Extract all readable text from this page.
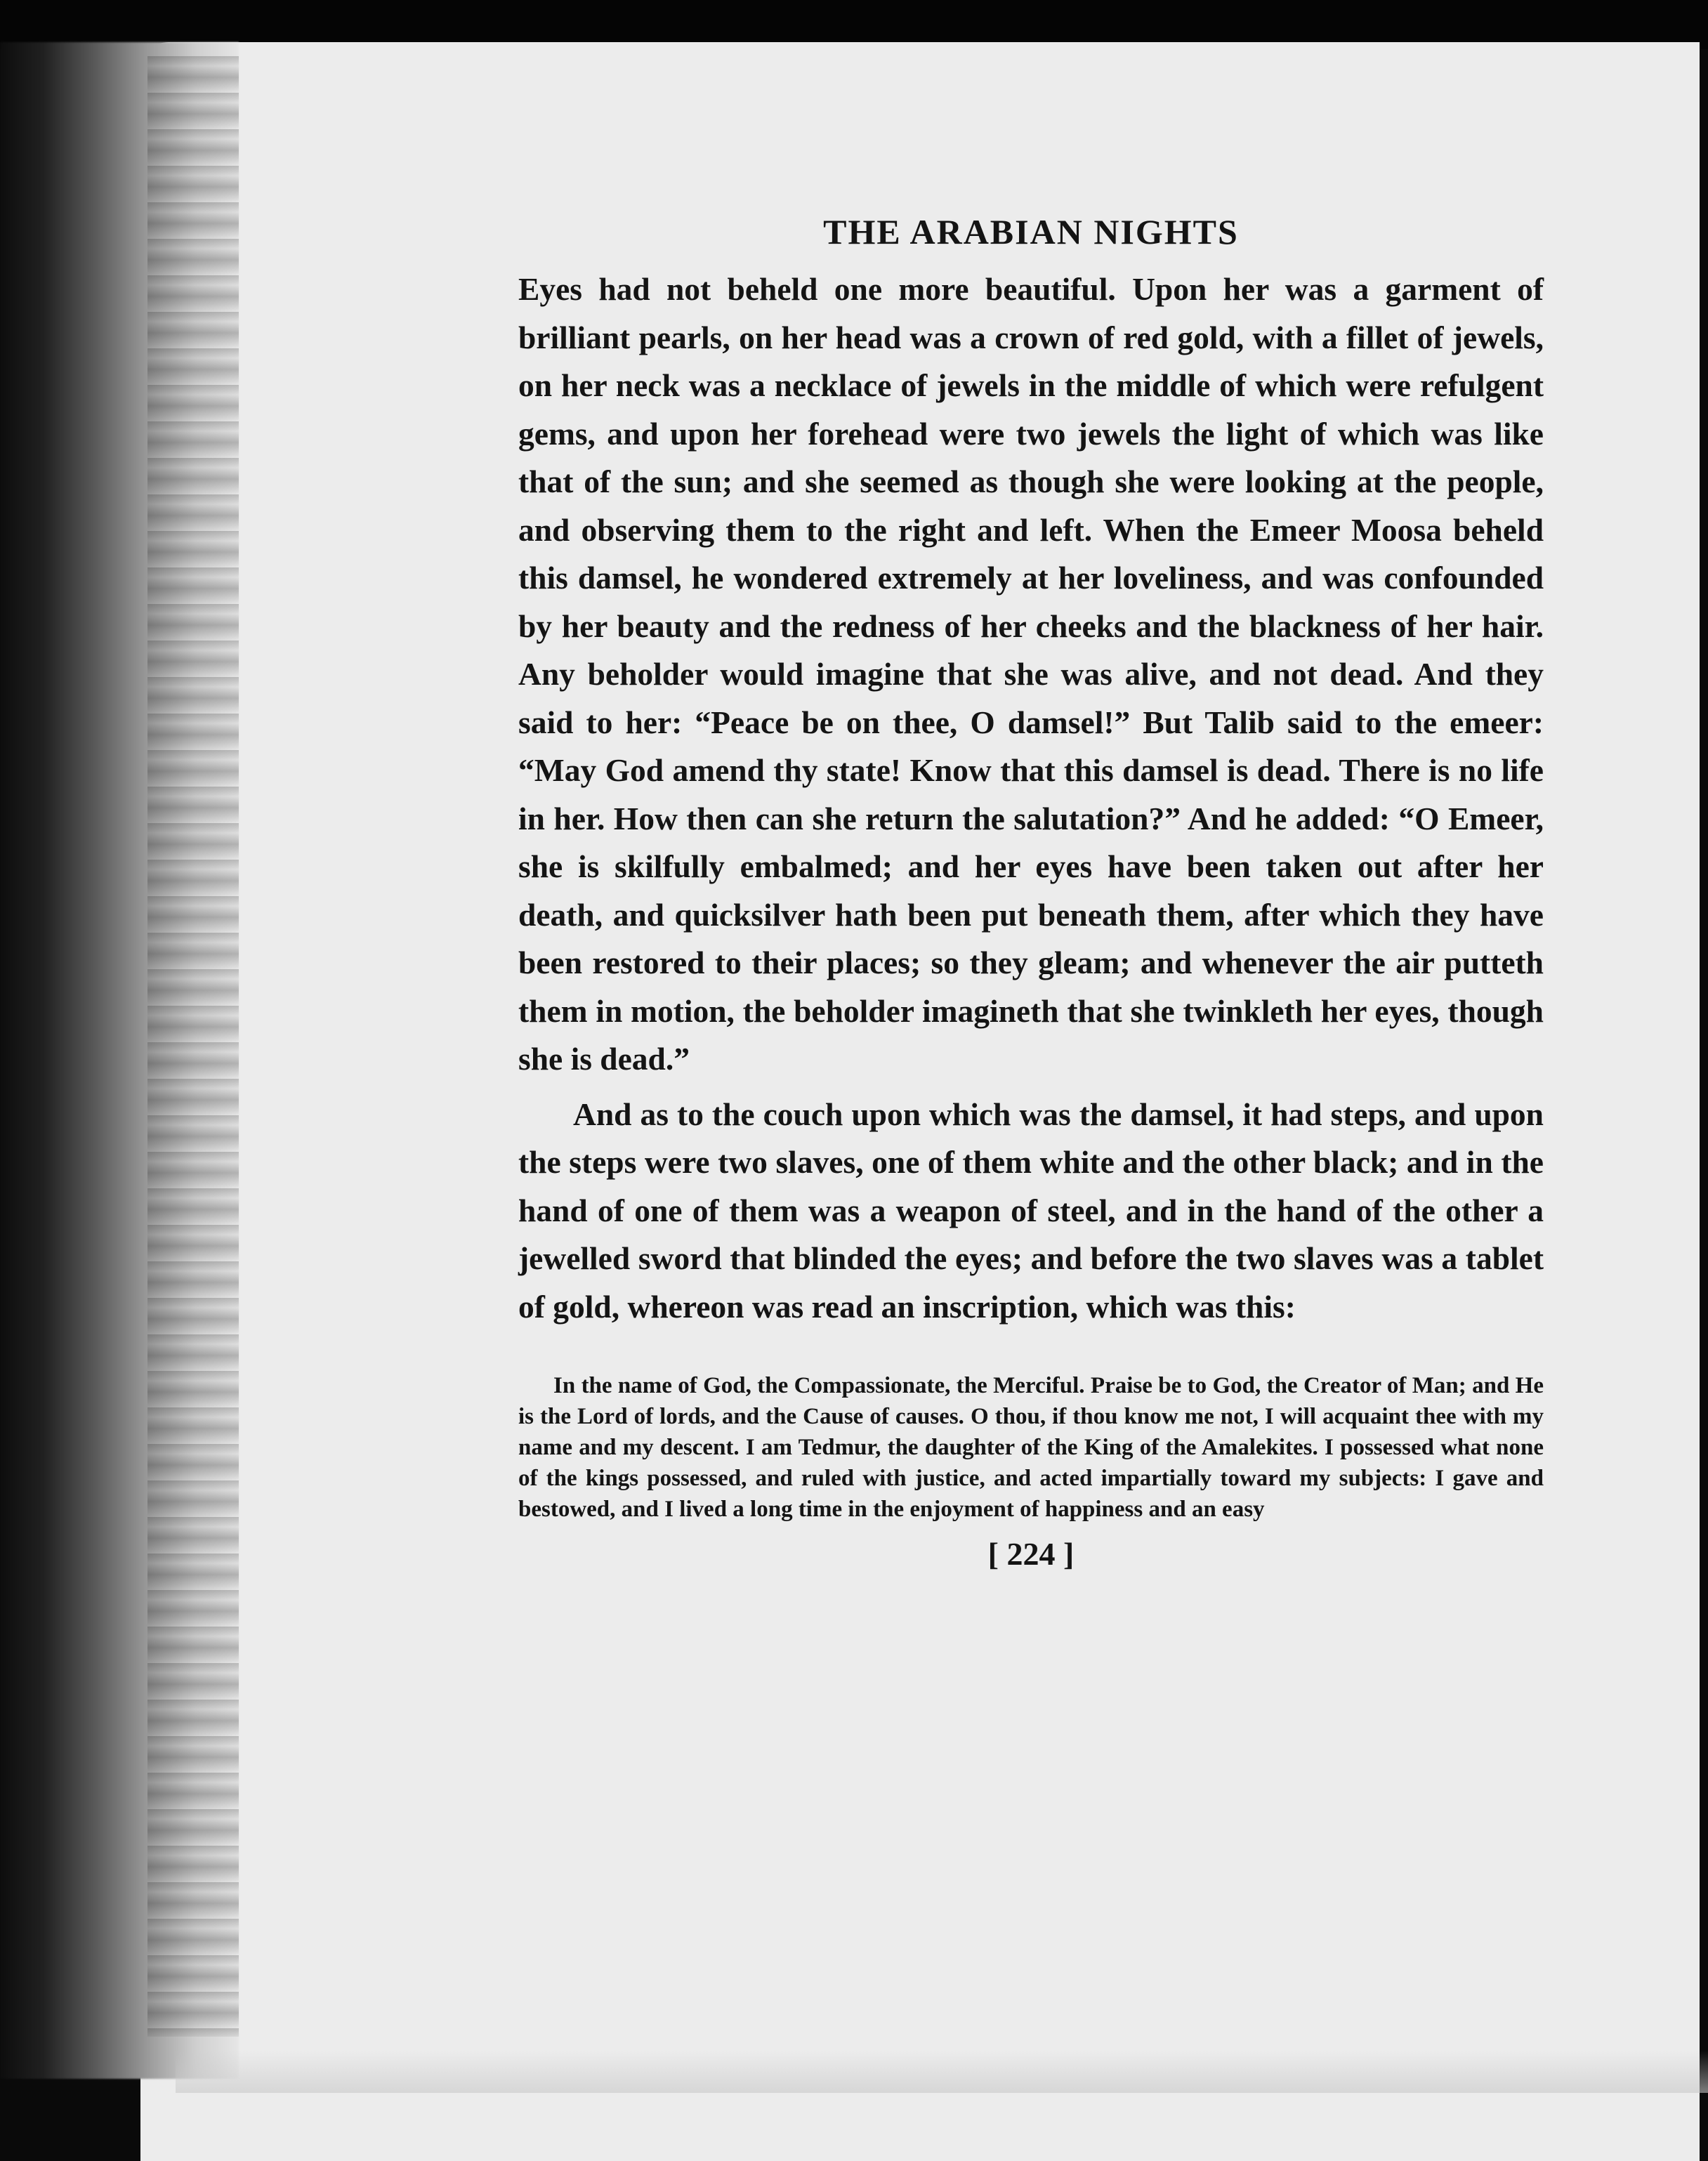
THE ARABIAN NIGHTS

Eyes had not beheld one more beautiful. Upon her was a garment of brilliant pearls, on her head was a crown of red gold, with a fillet of jewels, on her neck was a necklace of jewels in the middle of which were refulgent gems, and upon her forehead were two jewels the light of which was like that of the sun; and she seemed as though she were looking at the people, and observing them to the right and left. When the Emeer Moosa beheld this damsel, he wondered extremely at her loveliness, and was confounded by her beauty and the redness of her cheeks and the blackness of her hair. Any beholder would imagine that she was alive, and not dead. And they said to her: “Peace be on thee, O damsel!” But Talib said to the emeer: “May God amend thy state! Know that this damsel is dead. There is no life in her. How then can she return the salutation?” And he added: “O Emeer, she is skilfully embalmed; and her eyes have been taken out after her death, and quicksilver hath been put beneath them, after which they have been restored to their places; so they gleam; and whenever the air putteth them in motion, the beholder imagineth that she twinkleth her eyes, though she is dead.”

And as to the couch upon which was the damsel, it had steps, and upon the steps were two slaves, one of them white and the other black; and in the hand of one of them was a weapon of steel, and in the hand of the other a jewelled sword that blinded the eyes; and before the two slaves was a tablet of gold, whereon was read an inscription, which was this:

In the name of God, the Compassionate, the Merciful. Praise be to God, the Creator of Man; and He is the Lord of lords, and the Cause of causes. O thou, if thou know me not, I will acquaint thee with my name and my descent. I am Tedmur, the daughter of the King of the Amalekites. I possessed what none of the kings possessed, and ruled with justice, and acted impartially toward my subjects: I gave and bestowed, and I lived a long time in the enjoyment of happiness and an easy

[ 224 ]
